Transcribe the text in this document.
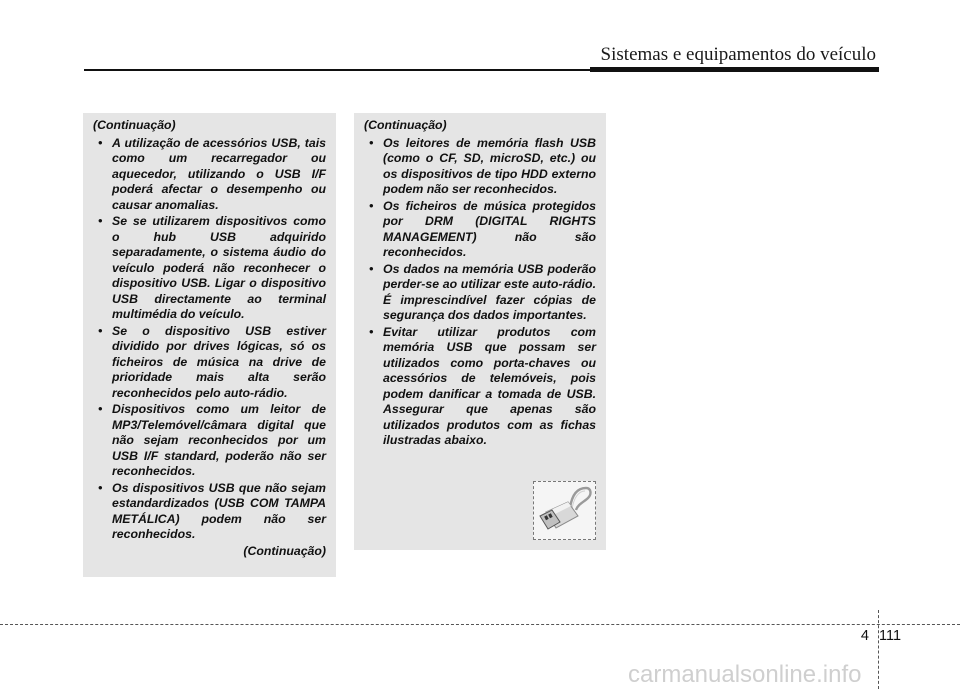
Sistemas e equipamentos do veículo

(Continuação)

• A utilização de acessórios USB, tais como um recarregador ou aquecedor, utilizando o USB I/F poderá afectar o desempenho ou causar anomalias.
• Se se utilizarem dispositivos como o hub USB adquirido separadamente, o sistema áudio do veículo poderá não reconhecer o dispositivo USB. Ligar o dispositivo USB directamente ao terminal multimédia do veículo.
• Se o dispositivo USB estiver dividido por drives lógicas, só os ficheiros de música na drive de prioridade mais alta serão reconhecidos pelo auto-rádio.
• Dispositivos como um leitor de MP3/Telemóvel/câmara digital que não sejam reconhecidos por um USB I/F standard, poderão não ser reconhecidos.
• Os dispositivos USB que não sejam estandardizados (USB COM TAMPA METÁLICA) podem não ser reconhecidos.

(Continuação)

(Continuação)

• Os leitores de memória flash USB (como o CF, SD, microSD, etc.) ou os dispositivos de tipo HDD externo podem não ser reconhecidos.
• Os ficheiros de música protegidos por DRM (DIGITAL RIGHTS MANAGEMENT) não são reconhecidos.
• Os dados na memória USB poderão perder-se ao utilizar este auto-rádio. É imprescindível fazer cópias de segurança dos dados importantes.
• Evitar utilizar produtos com memória USB que possam ser utilizados como porta-chaves ou acessórios de telemóveis, pois podem danificar a tomada de USB. Assegurar que apenas são utilizados produtos com as fichas ilustradas abaixo.
4 111
carmanualsonline.info
